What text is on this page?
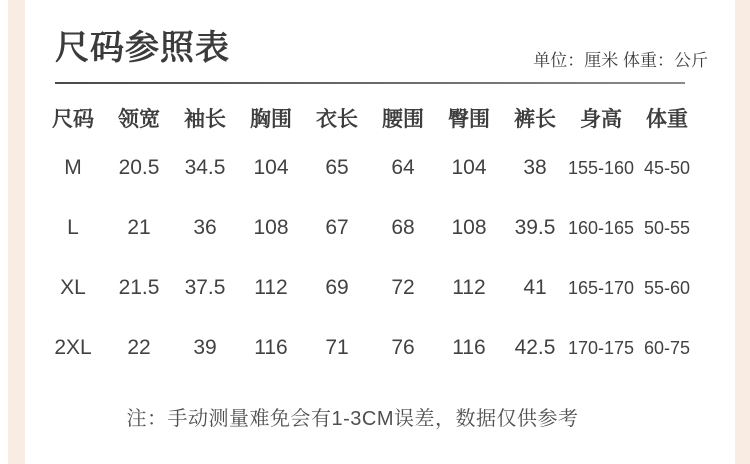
尺码参照表	单位：厘米 体重：公斤
尺码	领宽	袖长	胸围	衣长	腰围	臀围	裤长	身高	体重
M	20.5	34.5	104	65	64	104	38	155-160 45-50
L	21	36	108	67	68	108	39.5 160-165 50-55
XL	21.5	37.5	112	69	72	112	41	165-170 55-60
2XL	22	39	116	71	76	116	42.5 170-175 60-75
注：手动测量难免会有1-3CM误差，数据仅供参考
